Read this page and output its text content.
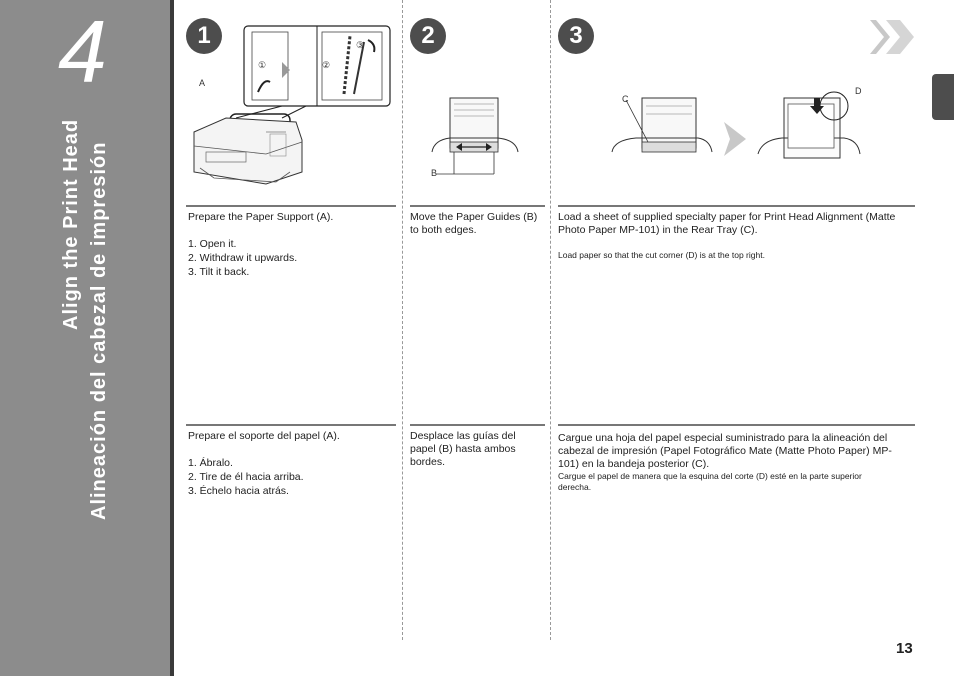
4
Align the Print Head Alineación del cabezal de impresión
1	2	3
A
①	②
③
B
C
D
Prepare the Paper Support (A).
1. Open it.
2. Withdraw it upwards.
3. Tilt it back.
Move the Paper Guides (B) to both edges.
Load a sheet of supplied specialty paper for Print Head Alignment (Matte Photo Paper MP-101) in the Rear Tray (C).
Load paper so that the cut corner (D) is at the top right.
Prepare el soporte del papel (A).
1. Ábralo.
2. Tire de él hacia arriba.
3. Échelo hacia atrás.
Desplace las guías del papel (B) hasta ambos bordes.
Cargue una hoja del papel especial suministrado para la alineación del cabezal de impresión (Papel Fotográfico Mate (Matte Photo Paper) MP-101) en la bandeja posterior (C).
Cargue el papel de manera que la esquina del corte (D) esté en la parte superior derecha.
13
